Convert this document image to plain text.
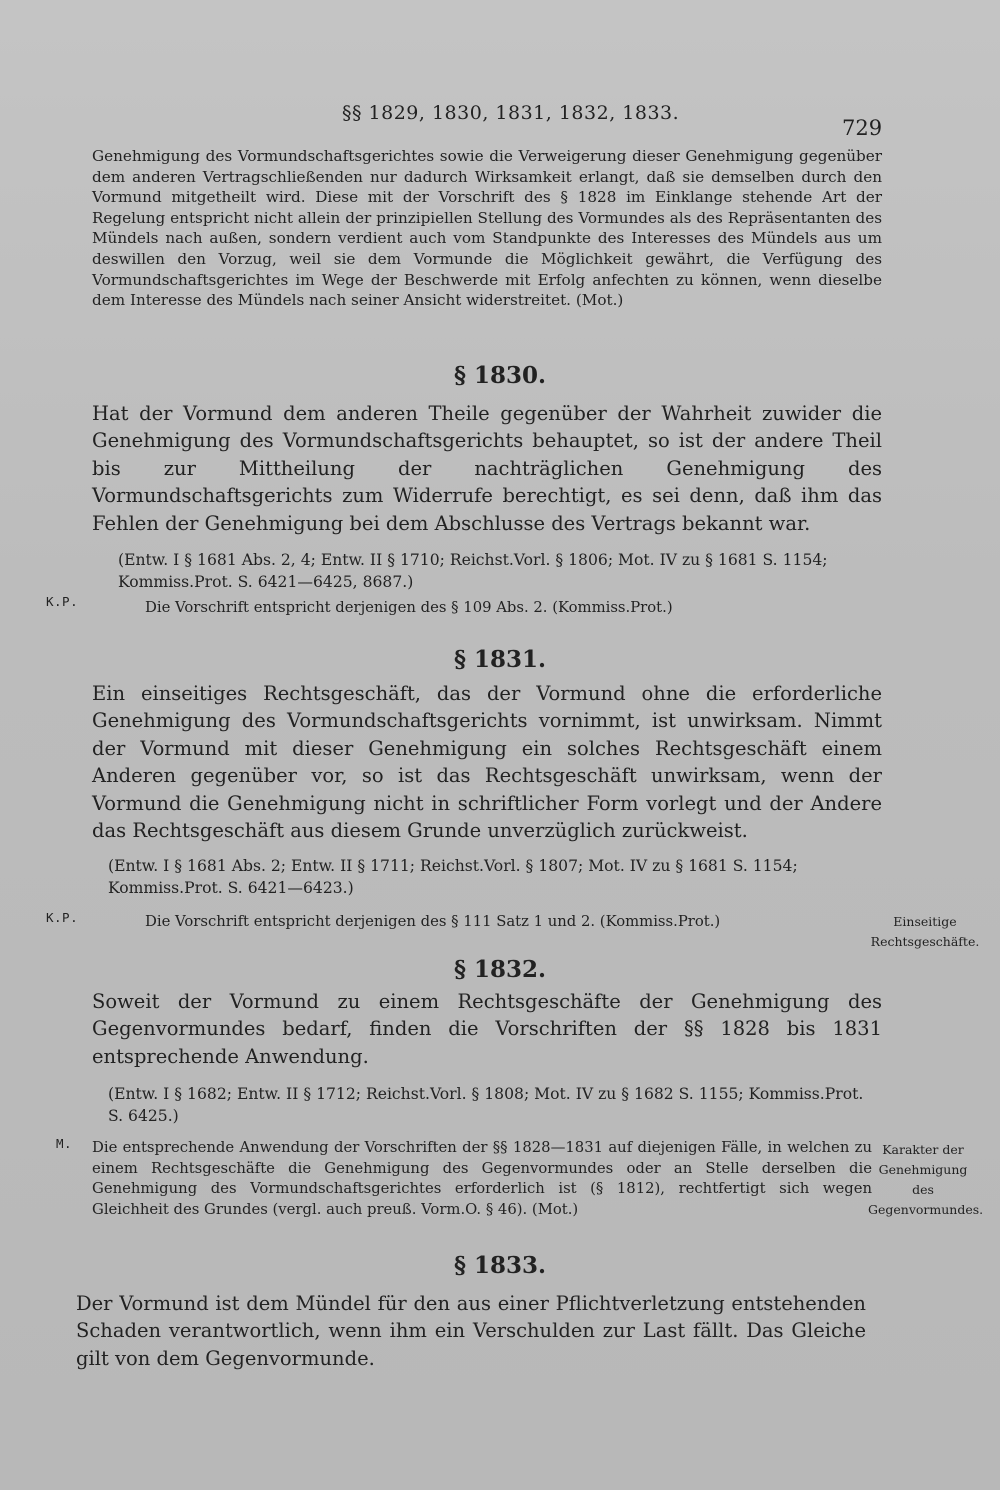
§§ 1829, 1830, 1831, 1832, 1833.
729

Genehmigung des Vormundschaftsgerichtes sowie die Verweigerung dieser Genehmigung gegenüber dem anderen Vertragschließenden nur dadurch Wirksamkeit erlangt, daß sie demselben durch den Vormund mitgetheilt wird. Diese mit der Vorschrift des § 1828 im Einklange stehende Art der Regelung entspricht nicht allein der prinzipiellen Stellung des Vormundes als des Repräsentanten des Mündels nach außen, sondern verdient auch vom Standpunkte des Interesses des Mündels aus um deswillen den Vorzug, weil sie dem Vormunde die Möglichkeit gewährt, die Verfügung des Vormundschaftsgerichtes im Wege der Beschwerde mit Erfolg anfechten zu können, wenn dieselbe dem Interesse des Mündels nach seiner Ansicht widerstreitet. (Mot.)

§ 1830.

Hat der Vormund dem anderen Theile gegenüber der Wahrheit zuwider die Genehmigung des Vormundschaftsgerichts behauptet, so ist der andere Theil bis zur Mittheilung der nachträglichen Genehmigung des Vormundschaftsgerichts zum Widerrufe berechtigt, es sei denn, daß ihm das Fehlen der Genehmigung bei dem Abschlusse des Vertrags bekannt war.

(Entw. I § 1681 Abs. 2, 4; Entw. II § 1710; Reichst.Vorl. § 1806; Mot. IV zu § 1681 S. 1154; Kommiss.Prot. S. 6421—6425, 8687.)

K.P.	Die Vorschrift entspricht derjenigen des § 109 Abs. 2. (Kommiss.Prot.)

§ 1831.

Ein einseitiges Rechtsgeschäft, das der Vormund ohne die erforderliche Genehmigung des Vormundschaftsgerichts vornimmt, ist unwirksam. Nimmt der Vormund mit dieser Genehmigung ein solches Rechtsgeschäft einem Anderen gegenüber vor, so ist das Rechtsgeschäft unwirksam, wenn der Vormund die Genehmigung nicht in schriftlicher Form vorlegt und der Andere das Rechtsgeschäft aus diesem Grunde unverzüglich zurückweist.

(Entw. I § 1681 Abs. 2; Entw. II § 1711; Reichst.Vorl. § 1807; Mot. IV zu § 1681 S. 1154; Kommiss.Prot. S. 6421—6423.)

K.P.	Die Vorschrift entspricht derjenigen des § 111 Satz 1 und 2. (Kommiss.Prot.)	Einseitige Rechtsgeschäfte.
§ 1832.

Soweit der Vormund zu einem Rechtsgeschäfte der Genehmigung des Gegenvormundes bedarf, finden die Vorschriften der §§ 1828 bis 1831 entsprechende Anwendung.

(Entw. I § 1682; Entw. II § 1712; Reichst.Vorl. § 1808; Mot. IV zu § 1682 S. 1155; Kommiss.Prot. S. 6425.)

M. Die entsprechende Anwendung der Vorschriften der §§ 1828—1831 auf diejenigen Fälle, in welchen zu einem Rechtsgeschäfte die Genehmigung des Gegenvormundes oder an Stelle derselben die Genehmigung des Vormundschaftsgerichtes erforderlich ist (§ 1812), rechtfertigt sich wegen Gleichheit des Grundes (vergl. auch preuß. Vorm.O. § 46). (Mot.)

Karakter der Genehmigung des Gegenvormundes.
§ 1833.

Der Vormund ist dem Mündel für den aus einer Pflichtverletzung entstehenden Schaden verantwortlich, wenn ihm ein Verschulden zur Last fällt. Das Gleiche gilt von dem Gegenvormunde.
